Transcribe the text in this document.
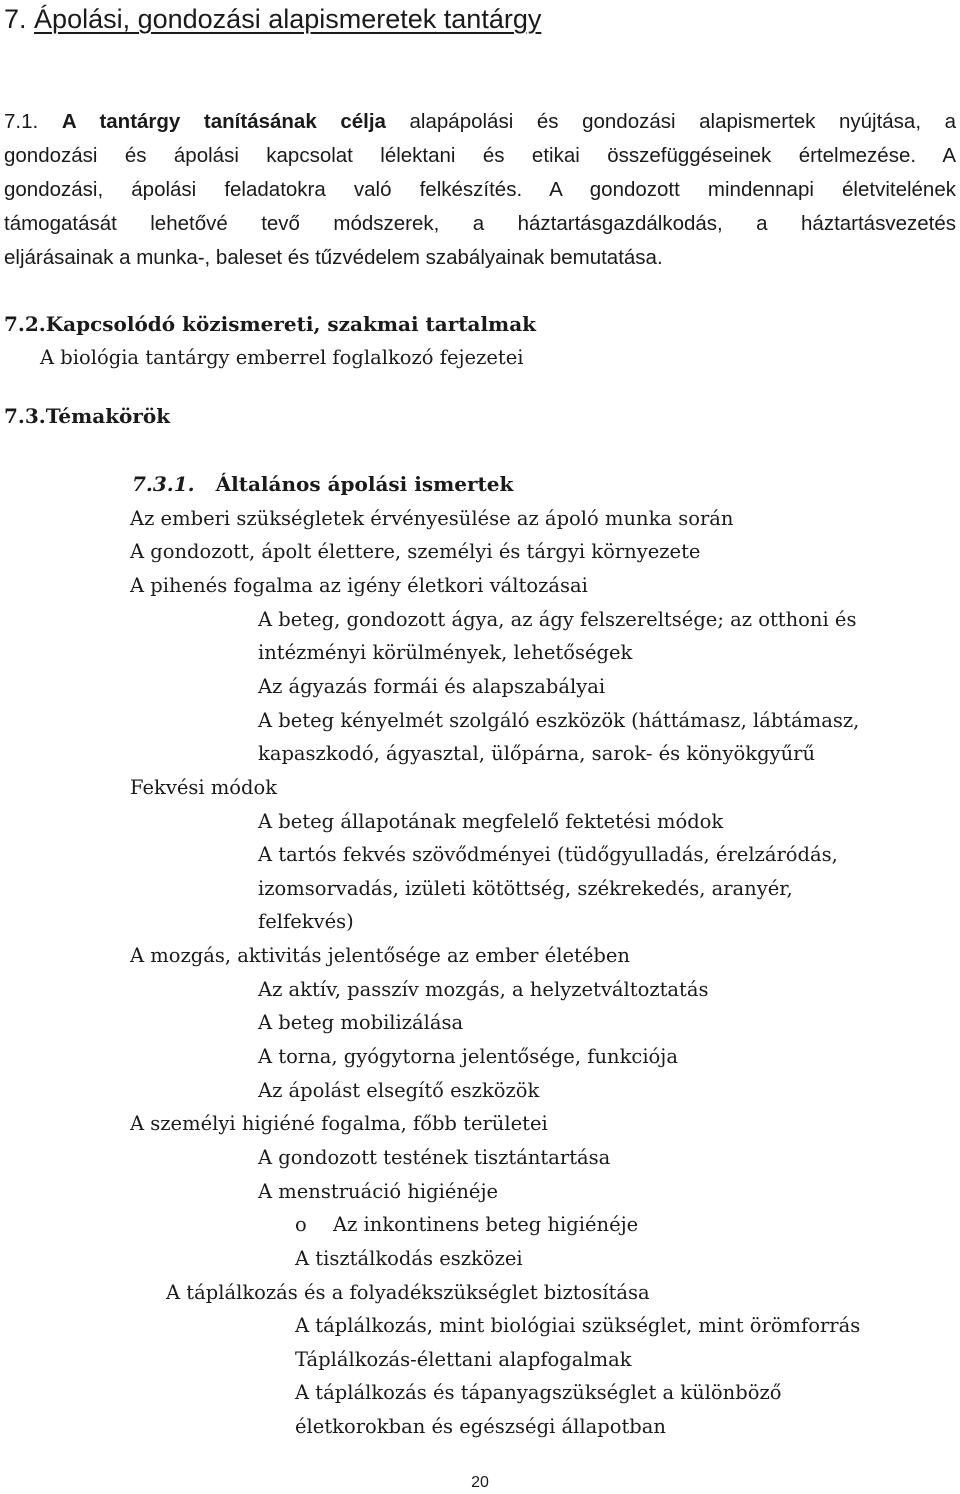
7. Ápolási, gondozási alapismeretek tantárgy
7.1. A tantárgy tanításának célja alapápolási és gondozási alapismertek nyújtása, a
gondozási és ápolási kapcsolat lélektani és etikai összefüggéseinek értelmezése. A
gondozási, ápolási feladatokra való felkészítés. A gondozott mindennapi életvitelének
támogatását lehetővé tevő módszerek, a háztartásgazdálkodás, a háztartásvezetés
eljárásainak a munka-, baleset és tűzvédelem szabályainak bemutatása.
7.2.Kapcsolódó közismereti, szakmai tartalmak
A biológia tantárgy emberrel foglalkozó fejezetei
7.3.Témakörök
7.3.1. Általános ápolási ismertek
Az emberi szükségletek érvényesülése az ápoló munka során
A gondozott, ápolt élettere, személyi és tárgyi környezete
A pihenés fogalma az igény életkori változásai
A beteg, gondozott ágya, az ágy felszereltsége; az otthoni és
intézményi körülmények, lehetőségek
Az ágyazás formái és alapszabályai
A beteg kényelmét szolgáló eszközök (háttámasz, lábtámasz,
kapaszkodó, ágyasztal, ülőpárna, sarok- és könyökgyűrű
Fekvési módok
A beteg állapotának megfelelő fektetési módok
A tartós fekvés szövődményei (tüdőgyulladás, érelzáródás,
izomsorvadás, izületi kötöttség, székrekedés, aranyér,
felfekvés)
A mozgás, aktivitás jelentősége az ember életében
Az aktív, passzív mozgás, a helyzetváltoztatás
A beteg mobilizálása
A torna, gyógytorna jelentősége, funkciója
Az ápolást elsegítő eszközök
A személyi higiéné fogalma, főbb területei
A gondozott testének tisztántartása
A menstruáció higiénéje
o Az inkontinens beteg higiénéje
A tisztálkodás eszközei
A táplálkozás és a folyadékszükséglet biztosítása
A táplálkozás, mint biológiai szükséglet, mint örömforrás
Táplálkozás-élettani alapfogalmak
A táplálkozás és tápanyagszükséglet a különböző
életkorokban és egészségi állapotban
20
